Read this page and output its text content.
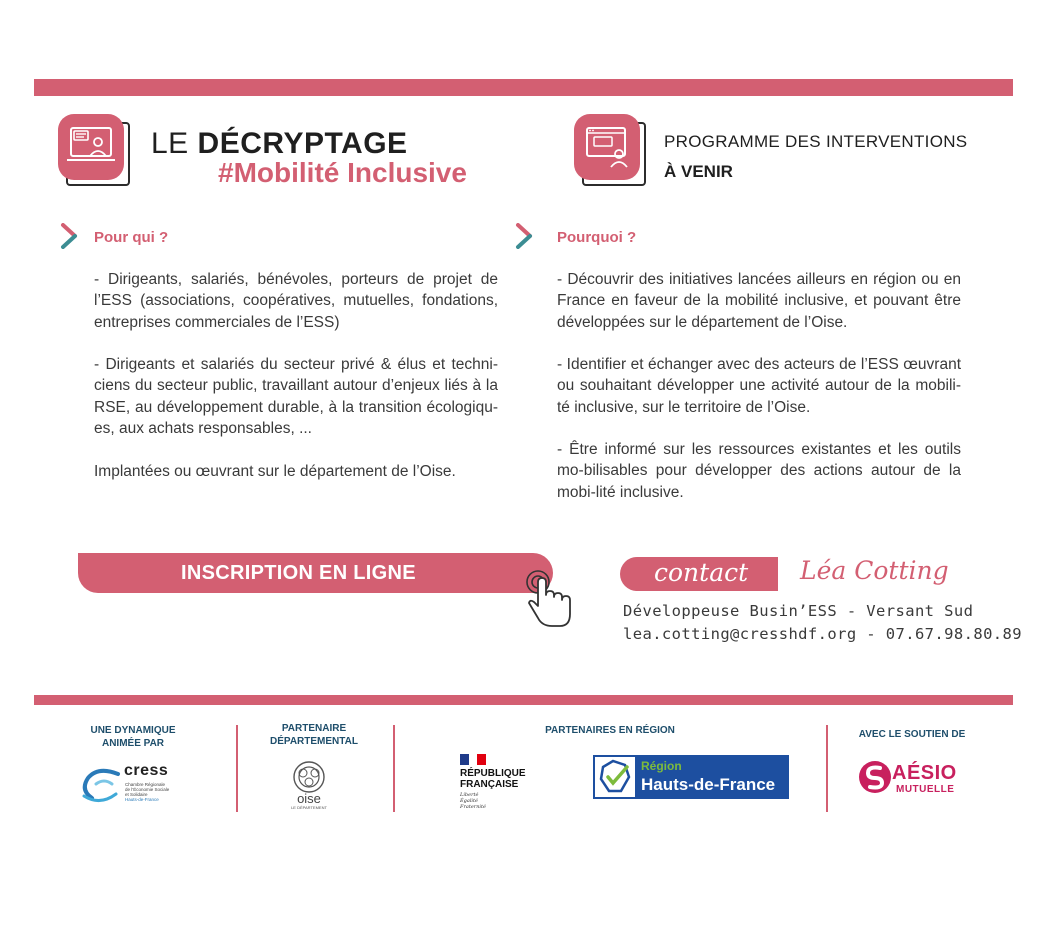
LE DÉCRYPTAGE
#Mobilité Inclusive
PROGRAMME DES INTERVENTIONS
À VENIR
Pour qui ?
- Dirigeants, salariés, bénévoles, porteurs de projet de l’ESS (associations, coopératives, mutuelles, fondations, entreprises commerciales de l’ESS)
- Dirigeants et salariés du secteur privé & élus et techni-ciens du secteur public, travaillant autour d’enjeux liés à la RSE, au développement durable, à la transition écologiqu-es, aux achats responsables, ...
Implantées ou œuvrant sur le département de l’Oise.
Pourquoi ?
- Découvrir des initiatives lancées ailleurs en région ou en France en faveur de la mobilité inclusive, et pouvant être développées sur le département de l’Oise.
- Identifier et échanger avec des acteurs de l’ESS œuvrant ou souhaitant développer une activité autour de la mobili-té inclusive, sur le territoire de l’Oise.
- Être informé sur les ressources existantes et les outils mo-bilisables pour développer des actions autour de la mobi-lité inclusive.
INSCRIPTION EN LIGNE	contact Léa Cotting
Développeuse Busin’ESS - Versant Sud
lea.cotting@cresshdf.org - 07.67.98.80.89
UNE DYNAMIQUE
ANIMÉE PAR
cress
Chambre Régionale
de l’Économie Sociale
et Solidaire
Hauts-de-France
PARTENAIRE
DÉPARTEMENTAL
oise
LE DÉPARTEMENT
PARTENAIRES EN RÉGION
RÉPUBLIQUE
FRANÇAISE
Liberté
Égalité
Fraternité
Région
Hauts-de-France
AVEC LE SOUTIEN DE
AÉSIO
MUTUELLE
